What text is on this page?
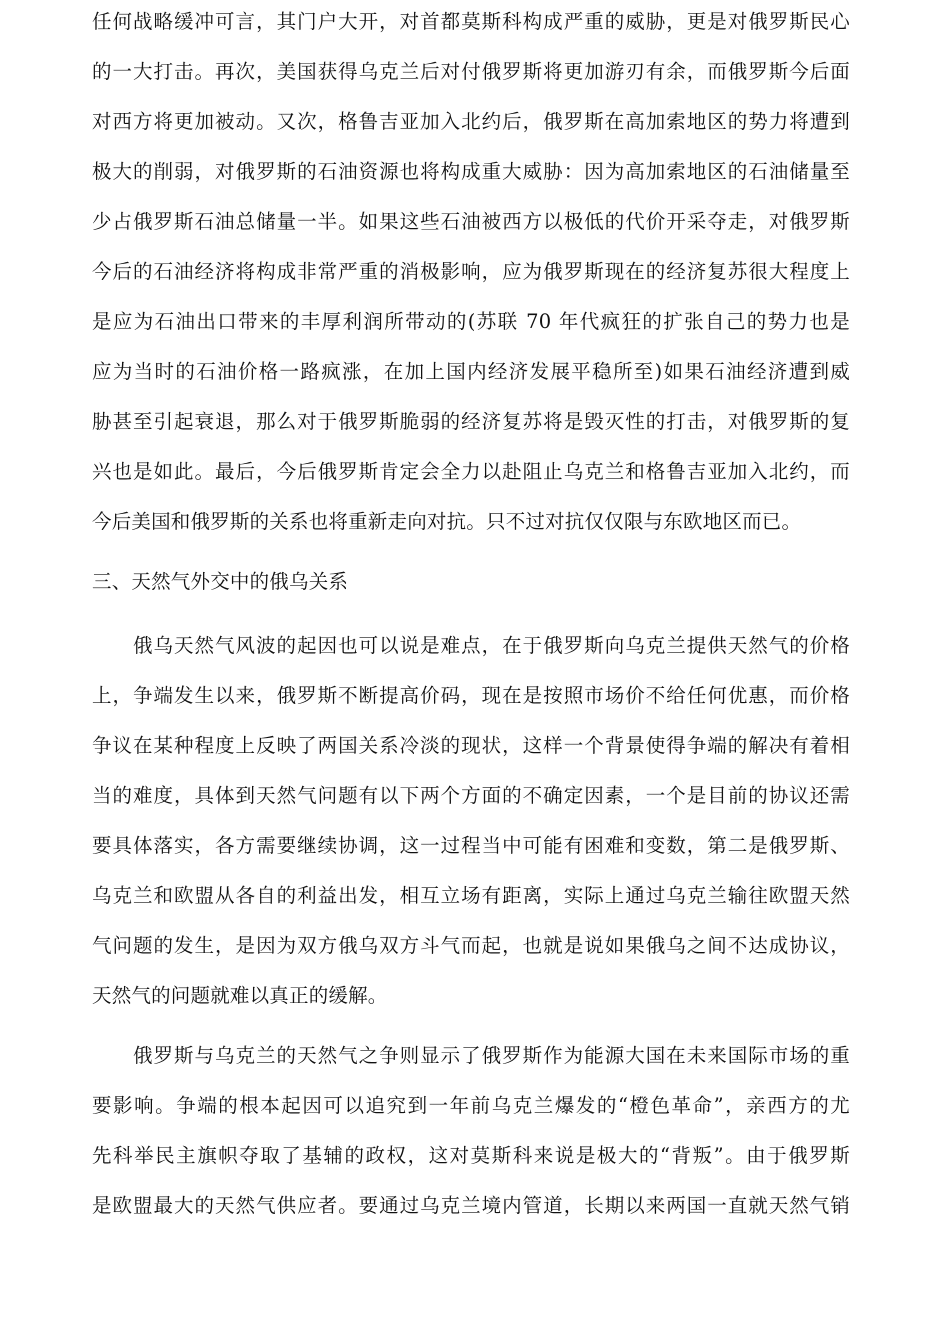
任何战略缓冲可言，其门户大开，对首都莫斯科构成严重的威胁，更是对俄罗斯民心
的一大打击。再次，美国获得乌克兰后对付俄罗斯将更加游刃有余，而俄罗斯今后面
对西方将更加被动。又次，格鲁吉亚加入北约后，俄罗斯在高加索地区的势力将遭到
极大的削弱，对俄罗斯的石油资源也将构成重大威胁：因为高加索地区的石油储量至
少占俄罗斯石油总储量一半。如果这些石油被西方以极低的代价开采夺走，对俄罗斯
今后的石油经济将构成非常严重的消极影响，应为俄罗斯现在的经济复苏很大程度上
是应为石油出口带来的丰厚利润所带动的(苏联 70 年代疯狂的扩张自己的势力也是
应为当时的石油价格一路疯涨，在加上国内经济发展平稳所至)如果石油经济遭到威
胁甚至引起衰退，那么对于俄罗斯脆弱的经济复苏将是毁灭性的打击，对俄罗斯的复
兴也是如此。最后，今后俄罗斯肯定会全力以赴阻止乌克兰和格鲁吉亚加入北约，而
今后美国和俄罗斯的关系也将重新走向对抗。只不过对抗仅仅限与东欧地区而已。
三、天然气外交中的俄乌关系
俄乌天然气风波的起因也可以说是难点，在于俄罗斯向乌克兰提供天然气的价格
上，争端发生以来，俄罗斯不断提高价码，现在是按照市场价不给任何优惠，而价格
争议在某种程度上反映了两国关系冷淡的现状，这样一个背景使得争端的解决有着相
当的难度，具体到天然气问题有以下两个方面的不确定因素，一个是目前的协议还需
要具体落实，各方需要继续协调，这一过程当中可能有困难和变数，第二是俄罗斯、
乌克兰和欧盟从各自的利益出发，相互立场有距离，实际上通过乌克兰输往欧盟天然
气问题的发生，是因为双方俄乌双方斗气而起，也就是说如果俄乌之间不达成协议，
天然气的问题就难以真正的缓解。
俄罗斯与乌克兰的天然气之争则显示了俄罗斯作为能源大国在未来国际市场的重
要影响。争端的根本起因可以追究到一年前乌克兰爆发的“橙色革命”，亲西方的尤
先科举民主旗帜夺取了基辅的政权，这对莫斯科来说是极大的“背叛”。由于俄罗斯
是欧盟最大的天然气供应者。要通过乌克兰境内管道，长期以来两国一直就天然气销
